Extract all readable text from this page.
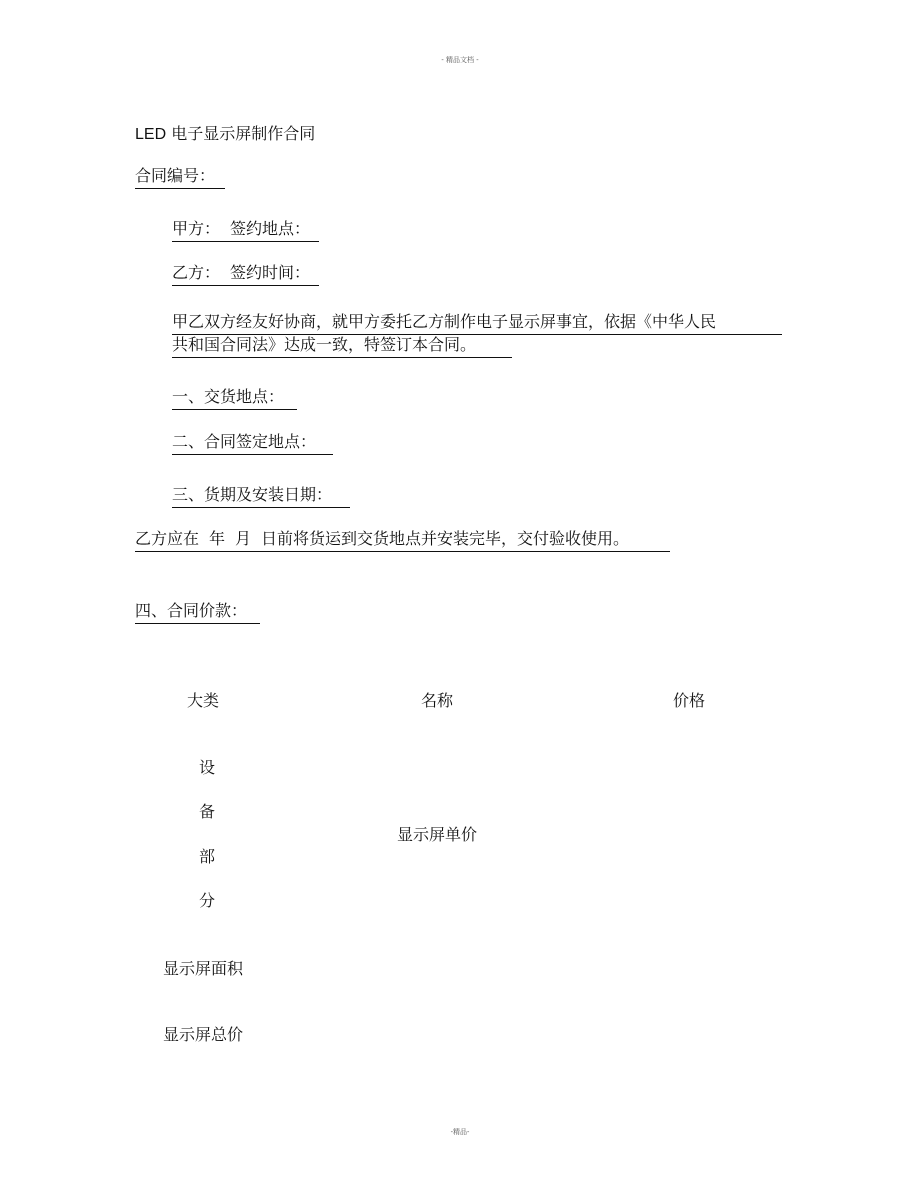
- 精品文档 -
LED 电子显示屏制作合同
合同编号：
甲方： 签约地点：
乙方： 签约时间：
甲乙双方经友好协商，就甲方委托乙方制作电子显示屏事宜，依据《中华人民
共和国合同法》达成一致，特签订本合同。
一、交货地点：
二、合同签定地点：
三、货期及安装日期：
乙方应在 年 月 日前将货运到交货地点并安装完毕，交付验收使用。
四、合同价款：
大类	名称	价格
设
备
部
分
显示屏单价
显示屏面积
显示屏总价
-精品-
